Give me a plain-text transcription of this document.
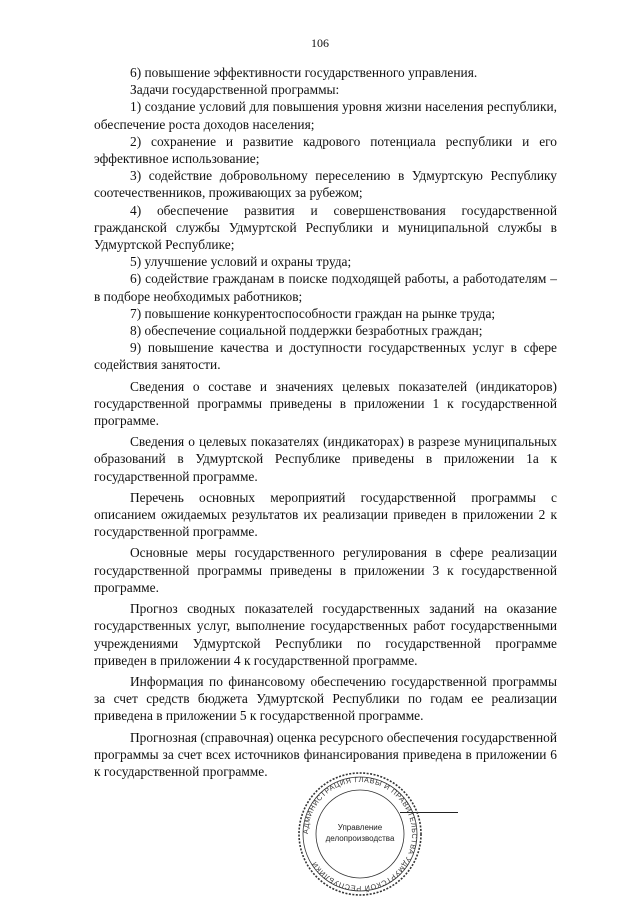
106

6) повышение эффективности государственного управления.

Задачи государственной программы:

1) создание условий для повышения уровня жизни населения республики, обеспечение роста доходов населения;

2) сохранение и развитие кадрового потенциала республики и его эффективное использование;

3) содействие добровольному переселению в Удмуртскую Республику соотечественников, проживающих за рубежом;

4) обеспечение развития и совершенствования государственной гражданской службы Удмуртской Республики и муниципальной службы в Удмуртской Республике;

5) улучшение условий и охраны труда;

6) содействие гражданам в поиске подходящей работы, а работодателям – в подборе необходимых работников;

7) повышение конкурентоспособности граждан на рынке труда;

8) обеспечение социальной поддержки безработных граждан;

9) повышение качества и доступности государственных услуг в сфере содействия занятости.

Сведения о составе и значениях целевых показателей (индикаторов) государственной программы приведены в приложении 1 к государственной программе.

Сведения о целевых показателях (индикаторах) в разрезе муниципальных образований в Удмуртской Республике приведены в приложении 1а к государственной программе.

Перечень основных мероприятий государственной программы с описанием ожидаемых результатов их реализации приведен в приложении 2 к государственной программе.

Основные меры государственного регулирования в сфере реализации государственной программы приведены в приложении 3 к государственной программе.

Прогноз сводных показателей государственных заданий на оказание государственных услуг, выполнение государственных работ государственными учреждениями Удмуртской Республики по государственной программе приведен в приложении 4 к государственной программе.

Информация по финансовому обеспечению государственной программы за счет средств бюджета Удмуртской Республики по годам ее реализации приведена в приложении 5 к государственной программе.

Прогнозная (справочная) оценка ресурсного обеспечения государственной программы за счет всех источников финансирования приведена в приложении 6 к государственной программе.

АДМИНИСТРАЦИЯ ГЛАВЫ И ПРАВИТЕЛЬСТВА УДМУРТСКОЙ РЕСПУБЛИКИ
Управление
делопроизводства
